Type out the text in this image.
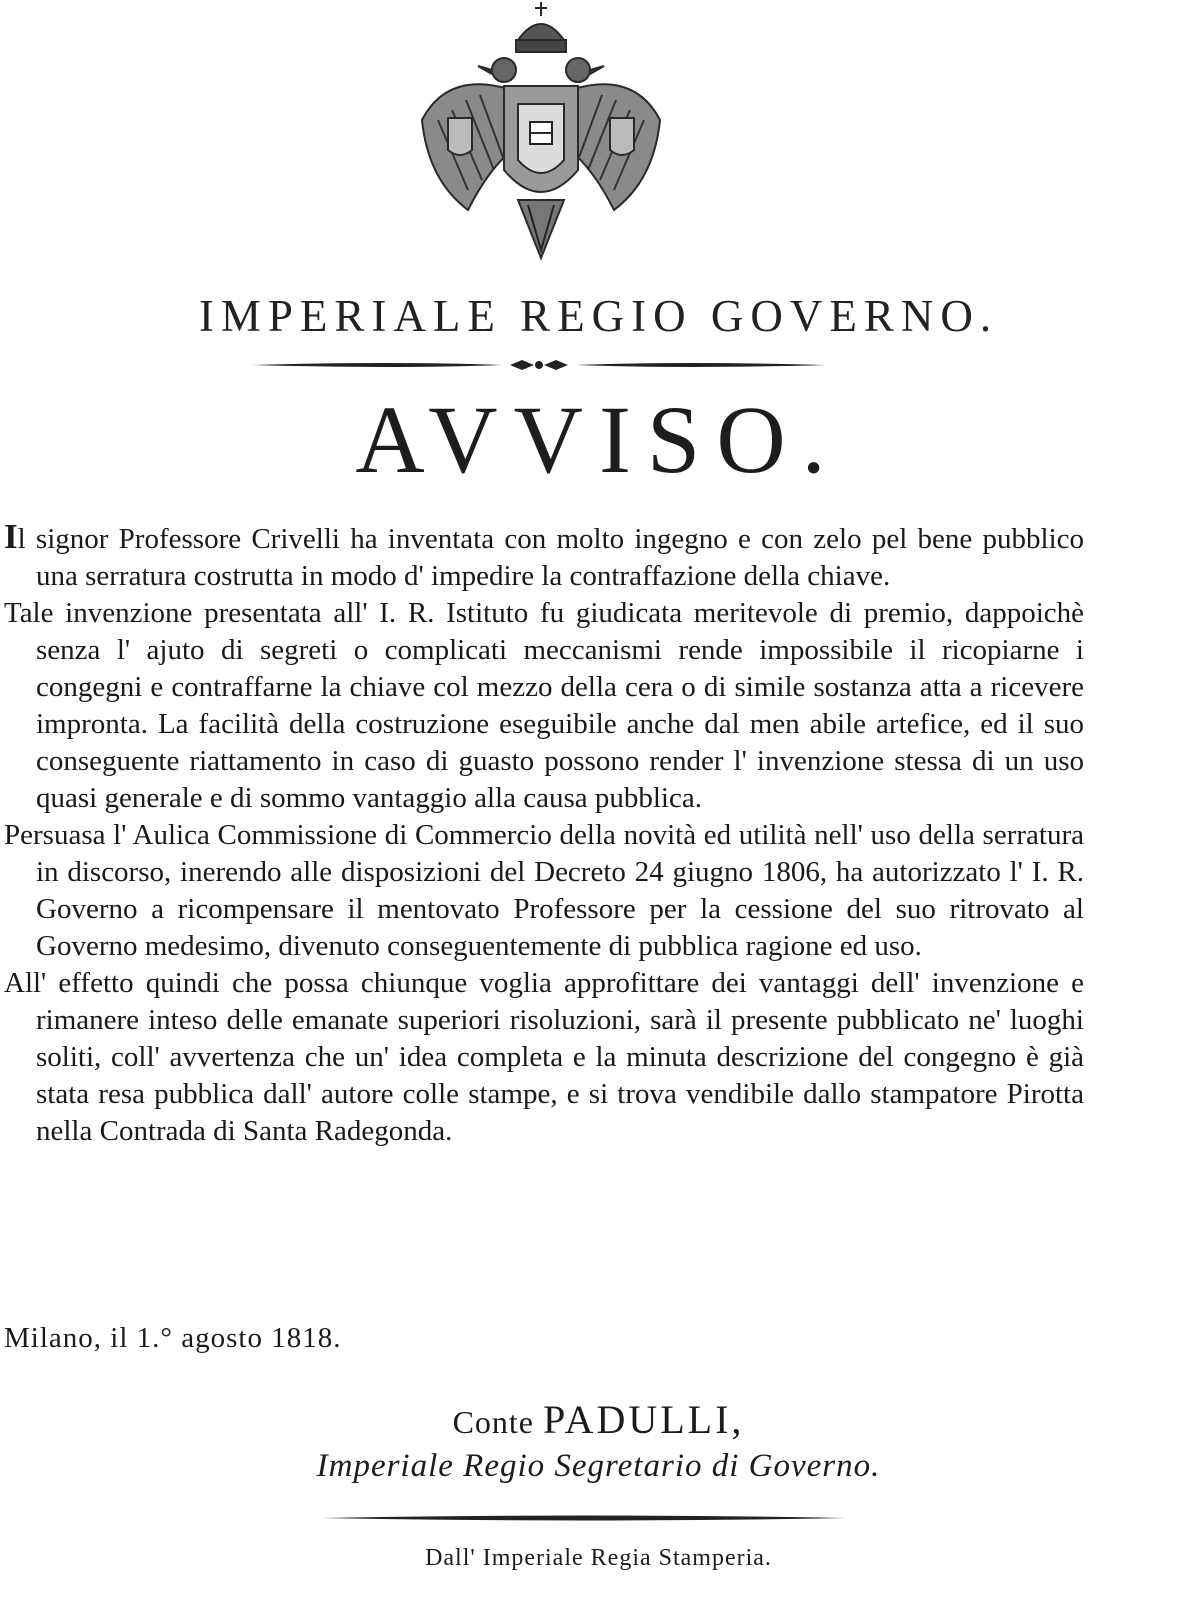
IMPERIALE REGIO GOVERNO.
AVVISO.

Il signor Professore Crivelli ha inventata con molto ingegno e con zelo pel bene pubblico una serratura costrutta in modo d' impedire la contraffazione della chiave.

Tale invenzione presentata all' I. R. Istituto fu giudicata meritevole di premio, dappoichè senza l' ajuto di segreti o complicati meccanismi rende impossibile il ricopiarne i congegni e contraffarne la chiave col mezzo della cera o di simile sostanza atta a ricevere impronta. La facilità della costruzione eseguibile anche dal men abile artefice, ed il suo conseguente riattamento in caso di guasto possono render l' invenzione stessa di un uso quasi generale e di sommo vantaggio alla causa pubblica.

Persuasa l' Aulica Commissione di Commercio della novità ed utilità nell' uso della serratura in discorso, inerendo alle disposizioni del Decreto 24 giugno 1806, ha autorizzato l' I. R. Governo a ricompensare il mentovato Professore per la cessione del suo ritrovato al Governo medesimo, divenuto conseguentemente di pubblica ragione ed uso.

All' effetto quindi che possa chiunque voglia approfittare dei vantaggi dell' invenzione e rimanere inteso delle emanate superiori risoluzioni, sarà il presente pubblicato ne' luoghi soliti, coll' avvertenza che un' idea completa e la minuta descrizione del congegno è già stata resa pubblica dall' autore colle stampe, e si trova vendibile dallo stampatore Pirotta nella Contrada di Santa Radegonda.

Milano, il 1.° agosto 1818.
Conte PADULLI,
Imperiale Regio Segretario di Governo.
Dall' Imperiale Regia Stamperia.
